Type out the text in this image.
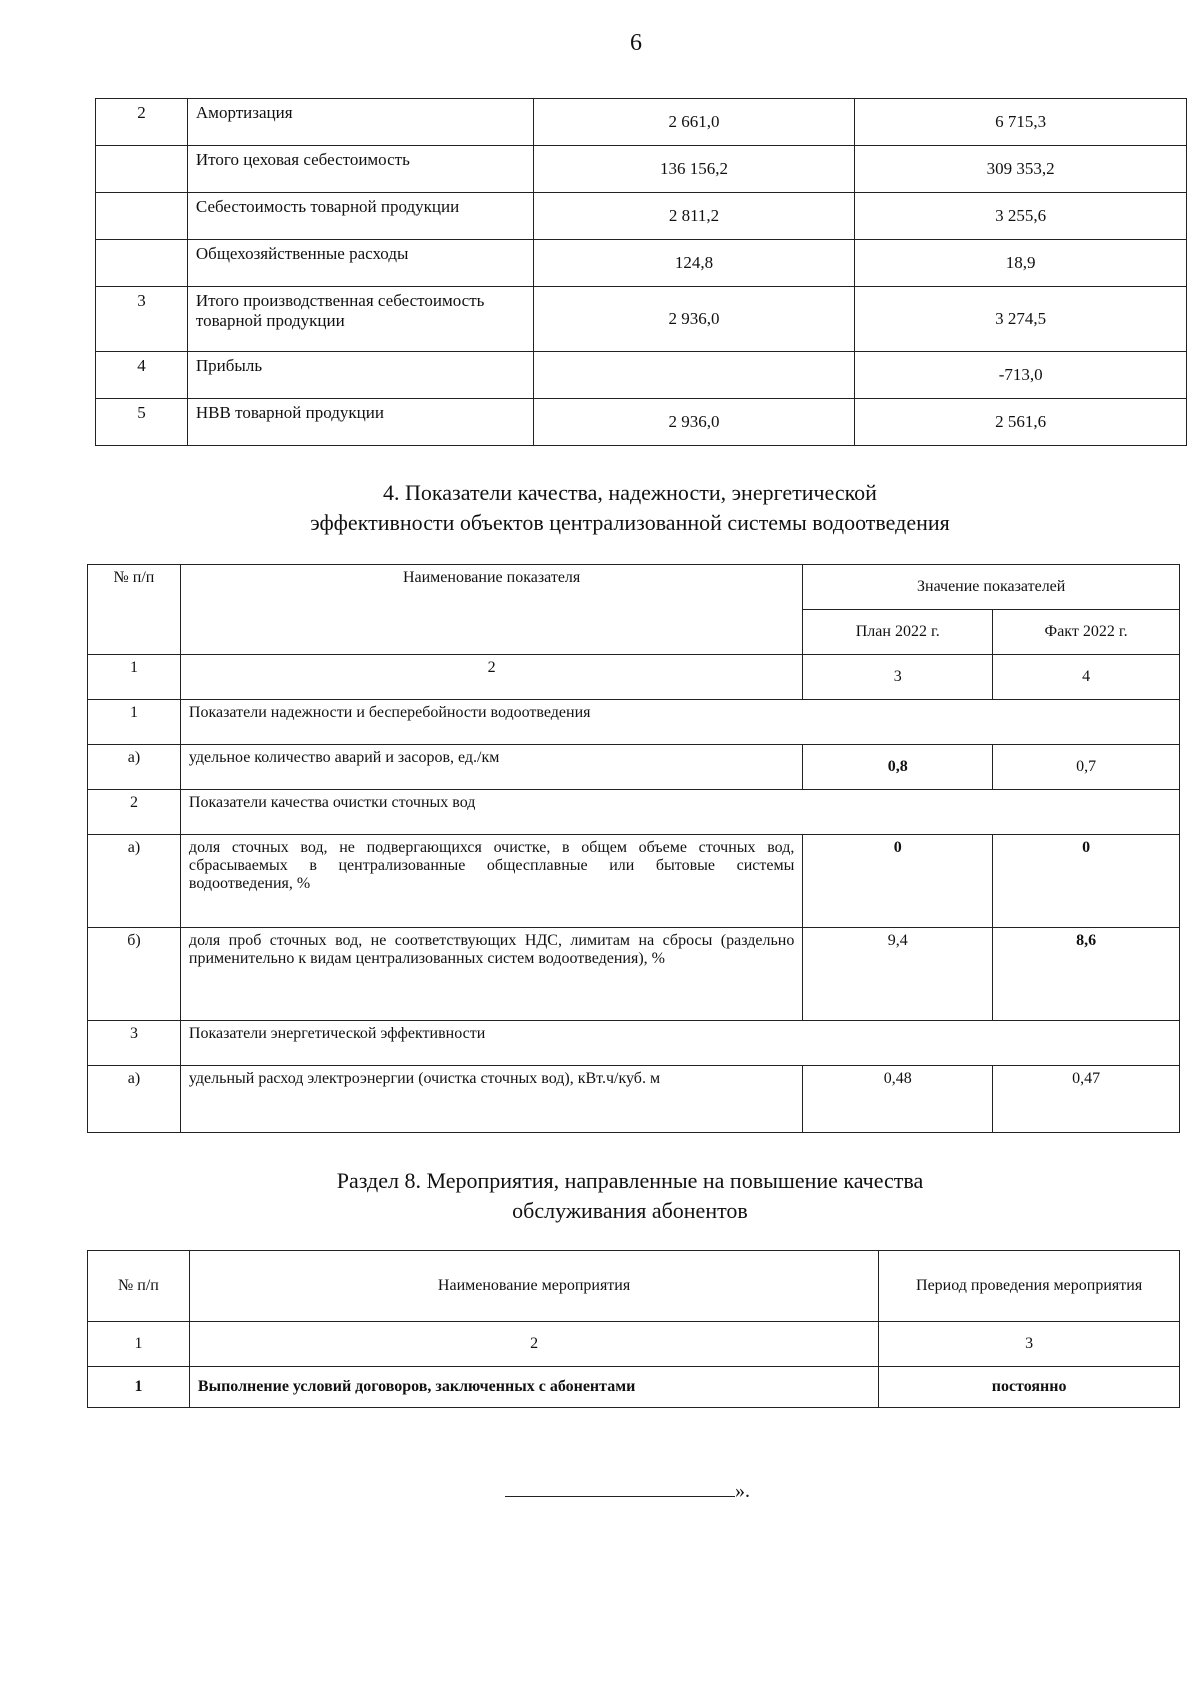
6
2	Амортизация	2 661,0	6 715,3
	Итого цеховая себестоимость	136 156,2	309 353,2
	Себестоимость товарной продукции	2 811,2	3 255,6
	Общехозяйственные расходы	124,8	18,9
3	Итого производственная себестоимость товарной продукции	2 936,0	3 274,5
4	Прибыль		-713,0
5	НВВ товарной продукции	2 936,0	2 561,6
4. Показатели качества, надежности, энергетической
эффективности объектов централизованной системы водоотведения
№ п/п	Наименование показателя	Значение показателей	
		План 2022 г.	Факт 2022 г.
1	2	3	4
1	Показатели надежности и бесперебойности водоотведения		
а)	удельное количество аварий и засоров, ед./км	0,8	0,7
2	Показатели качества очистки сточных вод		
а)	доля сточных вод, не подвергающихся очистке, в общем объеме сточных вод, сбрасываемых в централизованные общесплавные или бытовые системы водоотведения, %	0	0
б)	доля проб сточных вод, не соответствующих НДС, лимитам на сбросы (раздельно применительно к видам централизованных систем водоотведения), %	9,4	8,6
3	Показатели энергетической эффективности		
а)	удельный расход электроэнергии (очистка сточных вод), кВт.ч/куб. м	0,48	0,47
Раздел 8. Мероприятия, направленные на повышение качества
обслуживания абонентов
№ п/п	Наименование мероприятия	Период проведения мероприятия
1	2	3
1	Выполнение условий договоров, заключенных с абонентами	постоянно
».
